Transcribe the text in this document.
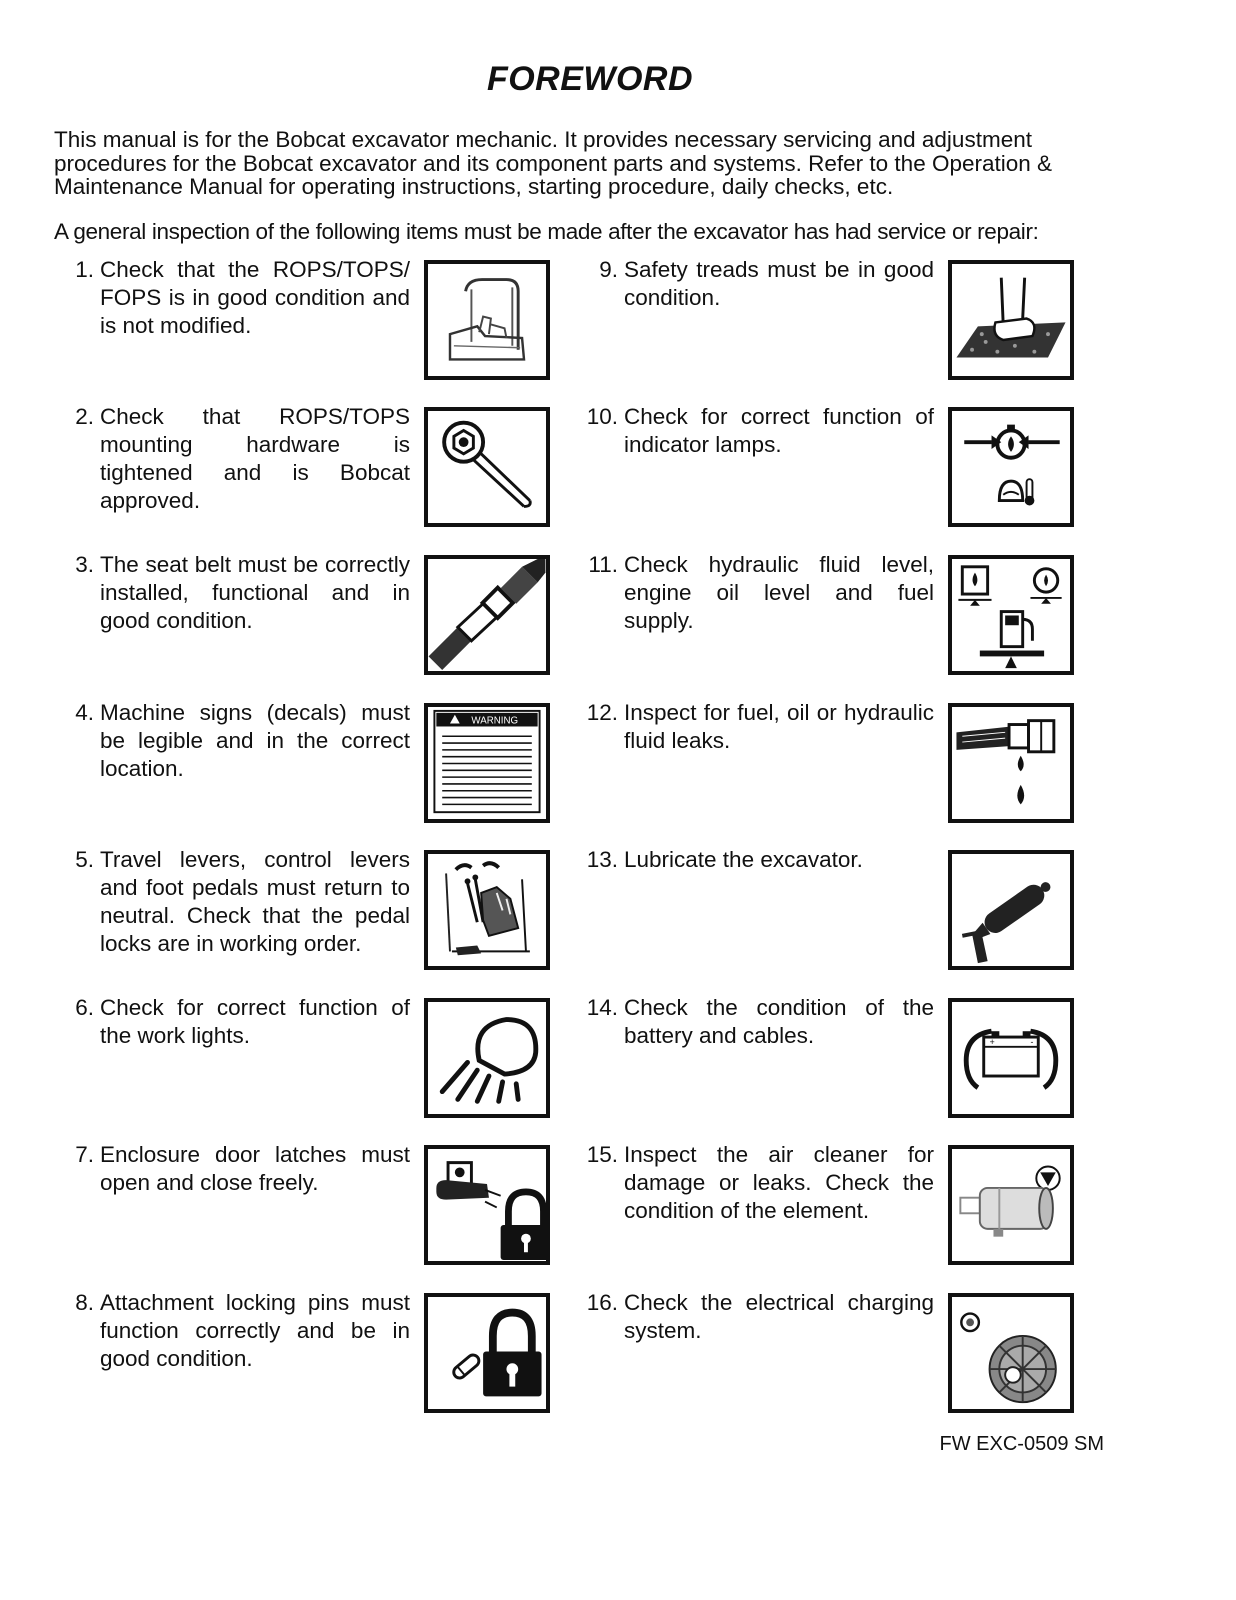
FOREWORD

This manual is for the Bobcat excavator mechanic. It provides necessary servicing and adjustment procedures for the Bobcat excavator and its component parts and systems. Refer to the Operation & Maintenance Manual for operating instructions, starting procedure, daily checks, etc.

A general inspection of the following items must be made after the excavator has had service or repair:

1. Check that the ROPS/TOPS/ FOPS is in good condition and is not modified.
2. Check that ROPS/TOPS mounting hardware is tightened and is Bobcat approved.
3. The seat belt must be correctly installed, functional and in good condition.
4. Machine signs (decals) must be legible and in the correct location.
WARNING
5. Travel levers, control levers and foot pedals must return to neutral. Check that the pedal locks are in working order.
6. Check for correct function of the work lights.
7. Enclosure door latches must open and close freely.
8. Attachment locking pins must function correctly and be in good condition.
9. Safety treads must be in good condition.
10. Check for correct function of indicator lamps.
11. Check hydraulic fluid level, engine oil level and fuel supply.
12. Inspect for fuel, oil or hydraulic fluid leaks.
13. Lubricate the excavator.
14. Check the condition of the battery and cables.	+	-
15. Inspect the air cleaner for damage or leaks. Check the condition of the element.
16. Check the electrical charging system.
FW EXC-0509 SM
